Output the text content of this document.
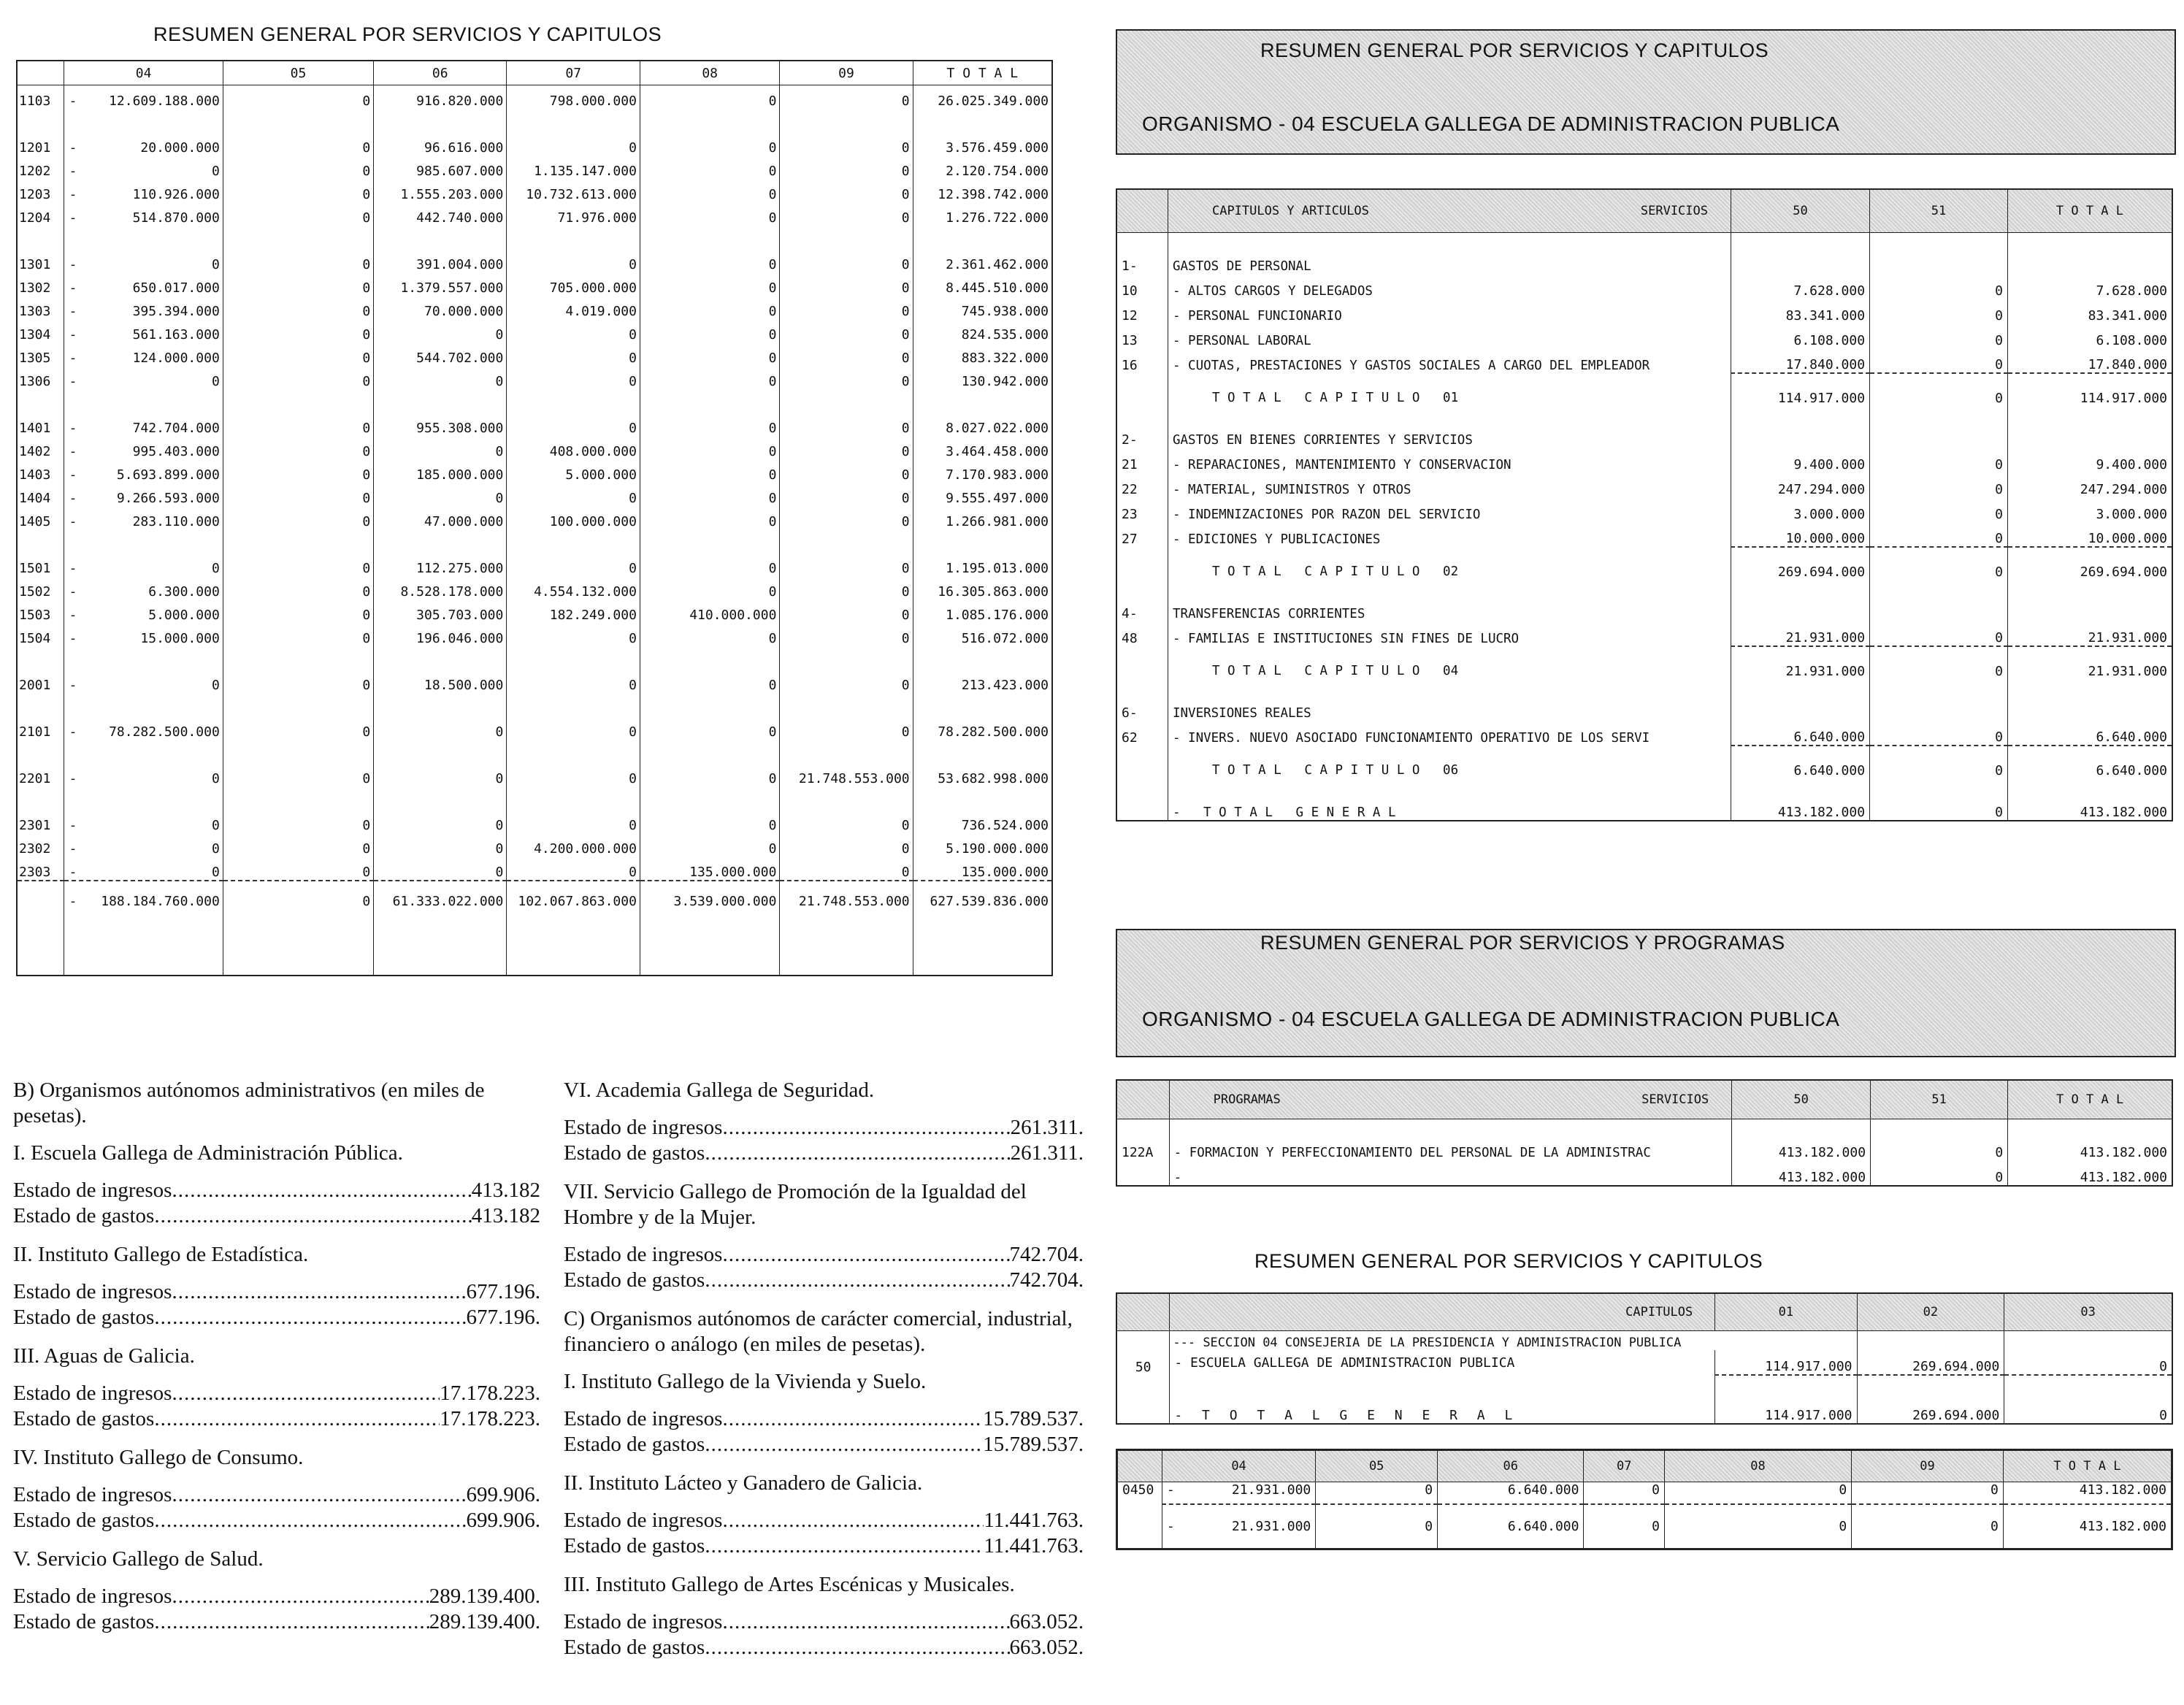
RESUMEN GENERAL POR SERVICIOS Y CAPITULOS
	04	05	06	07	08	09	T O T A L
1103	- 12.609.188.000	0	916.820.000	798.000.000	0	0	26.025.349.000

1201	- 20.000.000	0	96.616.000	0	0	0	3.576.459.000
1202	- 0	0	985.607.000	1.135.147.000	0	0	2.120.754.000
1203	- 110.926.000	0	1.555.203.000	10.732.613.000	0	0	12.398.742.000
1204	- 514.870.000	0	442.740.000	71.976.000	0	0	1.276.722.000

1301	- 0	0	391.004.000	0	0	0	2.361.462.000
1302	- 650.017.000	0	1.379.557.000	705.000.000	0	0	8.445.510.000
1303	- 395.394.000	0	70.000.000	4.019.000	0	0	745.938.000
1304	- 561.163.000	0	0	0	0	0	824.535.000
1305	- 124.000.000	0	544.702.000	0	0	0	883.322.000
1306	- 0	0	0	0	0	0	130.942.000

1401	- 742.704.000	0	955.308.000	0	0	0	8.027.022.000
1402	- 995.403.000	0	0	408.000.000	0	0	3.464.458.000
1403	- 5.693.899.000	0	185.000.000	5.000.000	0	0	7.170.983.000
1404	- 9.266.593.000	0	0	0	0	0	9.555.497.000
1405	- 283.110.000	0	47.000.000	100.000.000	0	0	1.266.981.000

1501	- 0	0	112.275.000	0	0	0	1.195.013.000
1502	- 6.300.000	0	8.528.178.000	4.554.132.000	0	0	16.305.863.000
1503	- 5.000.000	0	305.703.000	182.249.000	410.000.000	0	1.085.176.000
1504	- 15.000.000	0	196.046.000	0	0	0	516.072.000

2001	- 0	0	18.500.000	0	0	0	213.423.000

2101	- 78.282.500.000	0	0	0	0	0	78.282.500.000

2201	- 0	0	0	0	0	21.748.553.000	53.682.998.000

2301	- 0	0	0	0	0	0	736.524.000
2302	- 0	0	0	4.200.000.000	0	0	5.190.000.000
2303	- 0	0	0	0	135.000.000	0	135.000.000

	- 188.184.760.000	0	61.333.022.000	102.067.863.000	3.539.000.000	21.748.553.000	627.539.836.000

RESUMEN GENERAL POR SERVICIOS Y CAPITULOS
ORGANISMO - 04 ESCUELA GALLEGA DE ADMINISTRACION PUBLICA
	CAPITULOS Y ARTICULOS SERVICIOS	50	51	T O T A L

1-	GASTOS DE PERSONAL			
10	- ALTOS CARGOS Y DELEGADOS	7.628.000	0	7.628.000
12	- PERSONAL FUNCIONARIO	83.341.000	0	83.341.000
13	- PERSONAL LABORAL	6.108.000	0	6.108.000
16	- CUOTAS, PRESTACIONES Y GASTOS SOCIALES A CARGO DEL EMPLEADOR	17.840.000	0	17.840.000
	T O T A L   C A P I T U L O   01	114.917.000	0	114.917.000
2-	GASTOS EN BIENES CORRIENTES Y SERVICIOS			
21	- REPARACIONES, MANTENIMIENTO Y CONSERVACION	9.400.000	0	9.400.000
22	- MATERIAL, SUMINISTROS Y OTROS	247.294.000	0	247.294.000
23	- INDEMNIZACIONES POR RAZON DEL SERVICIO	3.000.000	0	3.000.000
27	- EDICIONES Y PUBLICACIONES	10.000.000	0	10.000.000
	T O T A L   C A P I T U L O   02	269.694.000	0	269.694.000
4-	TRANSFERENCIAS CORRIENTES			
48	- FAMILIAS E INSTITUCIONES SIN FINES DE LUCRO	21.931.000	0	21.931.000
	T O T A L   C A P I T U L O   04	21.931.000	0	21.931.000
6-	INVERSIONES REALES			
62	- INVERS. NUEVO ASOCIADO FUNCIONAMIENTO OPERATIVO DE LOS SERVI	6.640.000	0	6.640.000
	T O T A L   C A P I T U L O   06	6.640.000	0	6.640.000
	-   T O T A L   G E N E R A L	413.182.000	0	413.182.000
RESUMEN GENERAL POR SERVICIOS Y PROGRAMAS
ORGANISMO - 04 ESCUELA GALLEGA DE ADMINISTRACION PUBLICA
	PROGRAMAS SERVICIOS	50	51	T O T A L

122A	- FORMACION Y PERFECCIONAMIENTO DEL PERSONAL DE LA ADMINISTRAC	413.182.000	0	413.182.000
	-	413.182.000	0	413.182.000
RESUMEN GENERAL POR SERVICIOS Y CAPITULOS
	CAPITULOS	01	02	03
	--- SECCION 04 CONSEJERIA DE LA PRESIDENCIA Y ADMINISTRACION PUBLICA			
50	- ESCUELA GALLEGA DE ADMINISTRACION PUBLICA	114.917.000	269.694.000	0
	- T O T A L G E N E R A L	114.917.000	269.694.000	0
	04	05	06	07	08	09	T O T A L
0450	- 21.931.000	0	6.640.000	0	0	0	413.182.000

	- 21.931.000	0	6.640.000	0	0	0	413.182.000
B) Organismos autónomos administrativos (en miles de pesetas).
I. Escuela Gallega de Administración Pública.
Estado de ingresos .....	413.182
Estado de gastos .....	413.182
II. Instituto Gallego de Estadística.
Estado de ingresos .....	677.196.
Estado de gastos .....	677.196.
III. Aguas de Galicia.
Estado de ingresos .....	17.178.223.
Estado de gastos .....	17.178.223.
IV. Instituto Gallego de Consumo.
Estado de ingresos .....	699.906.
Estado de gastos .....	699.906.
V. Servicio Gallego de Salud.
Estado de ingresos .....	289.139.400.
Estado de gastos .....	289.139.400.
VI. Academia Gallega de Seguridad.
Estado de ingresos .....	261.311.
Estado de gastos .....	261.311.
VII. Servicio Gallego de Promoción de la Igualdad del Hombre y de la Mujer.
Estado de ingresos .....	742.704.
Estado de gastos .....	742.704.
C) Organismos autónomos de carácter comercial, industrial, financiero o análogo (en miles de pesetas).
I. Instituto Gallego de la Vivienda y Suelo.
Estado de ingresos .....	15.789.537.
Estado de gastos .....	15.789.537.
II. Instituto Lácteo y Ganadero de Galicia.
Estado de ingresos .....	11.441.763.
Estado de gastos .....	11.441.763.
III. Instituto Gallego de Artes Escénicas y Musicales.
Estado de ingresos .....	663.052.
Estado de gastos .....	663.052.
